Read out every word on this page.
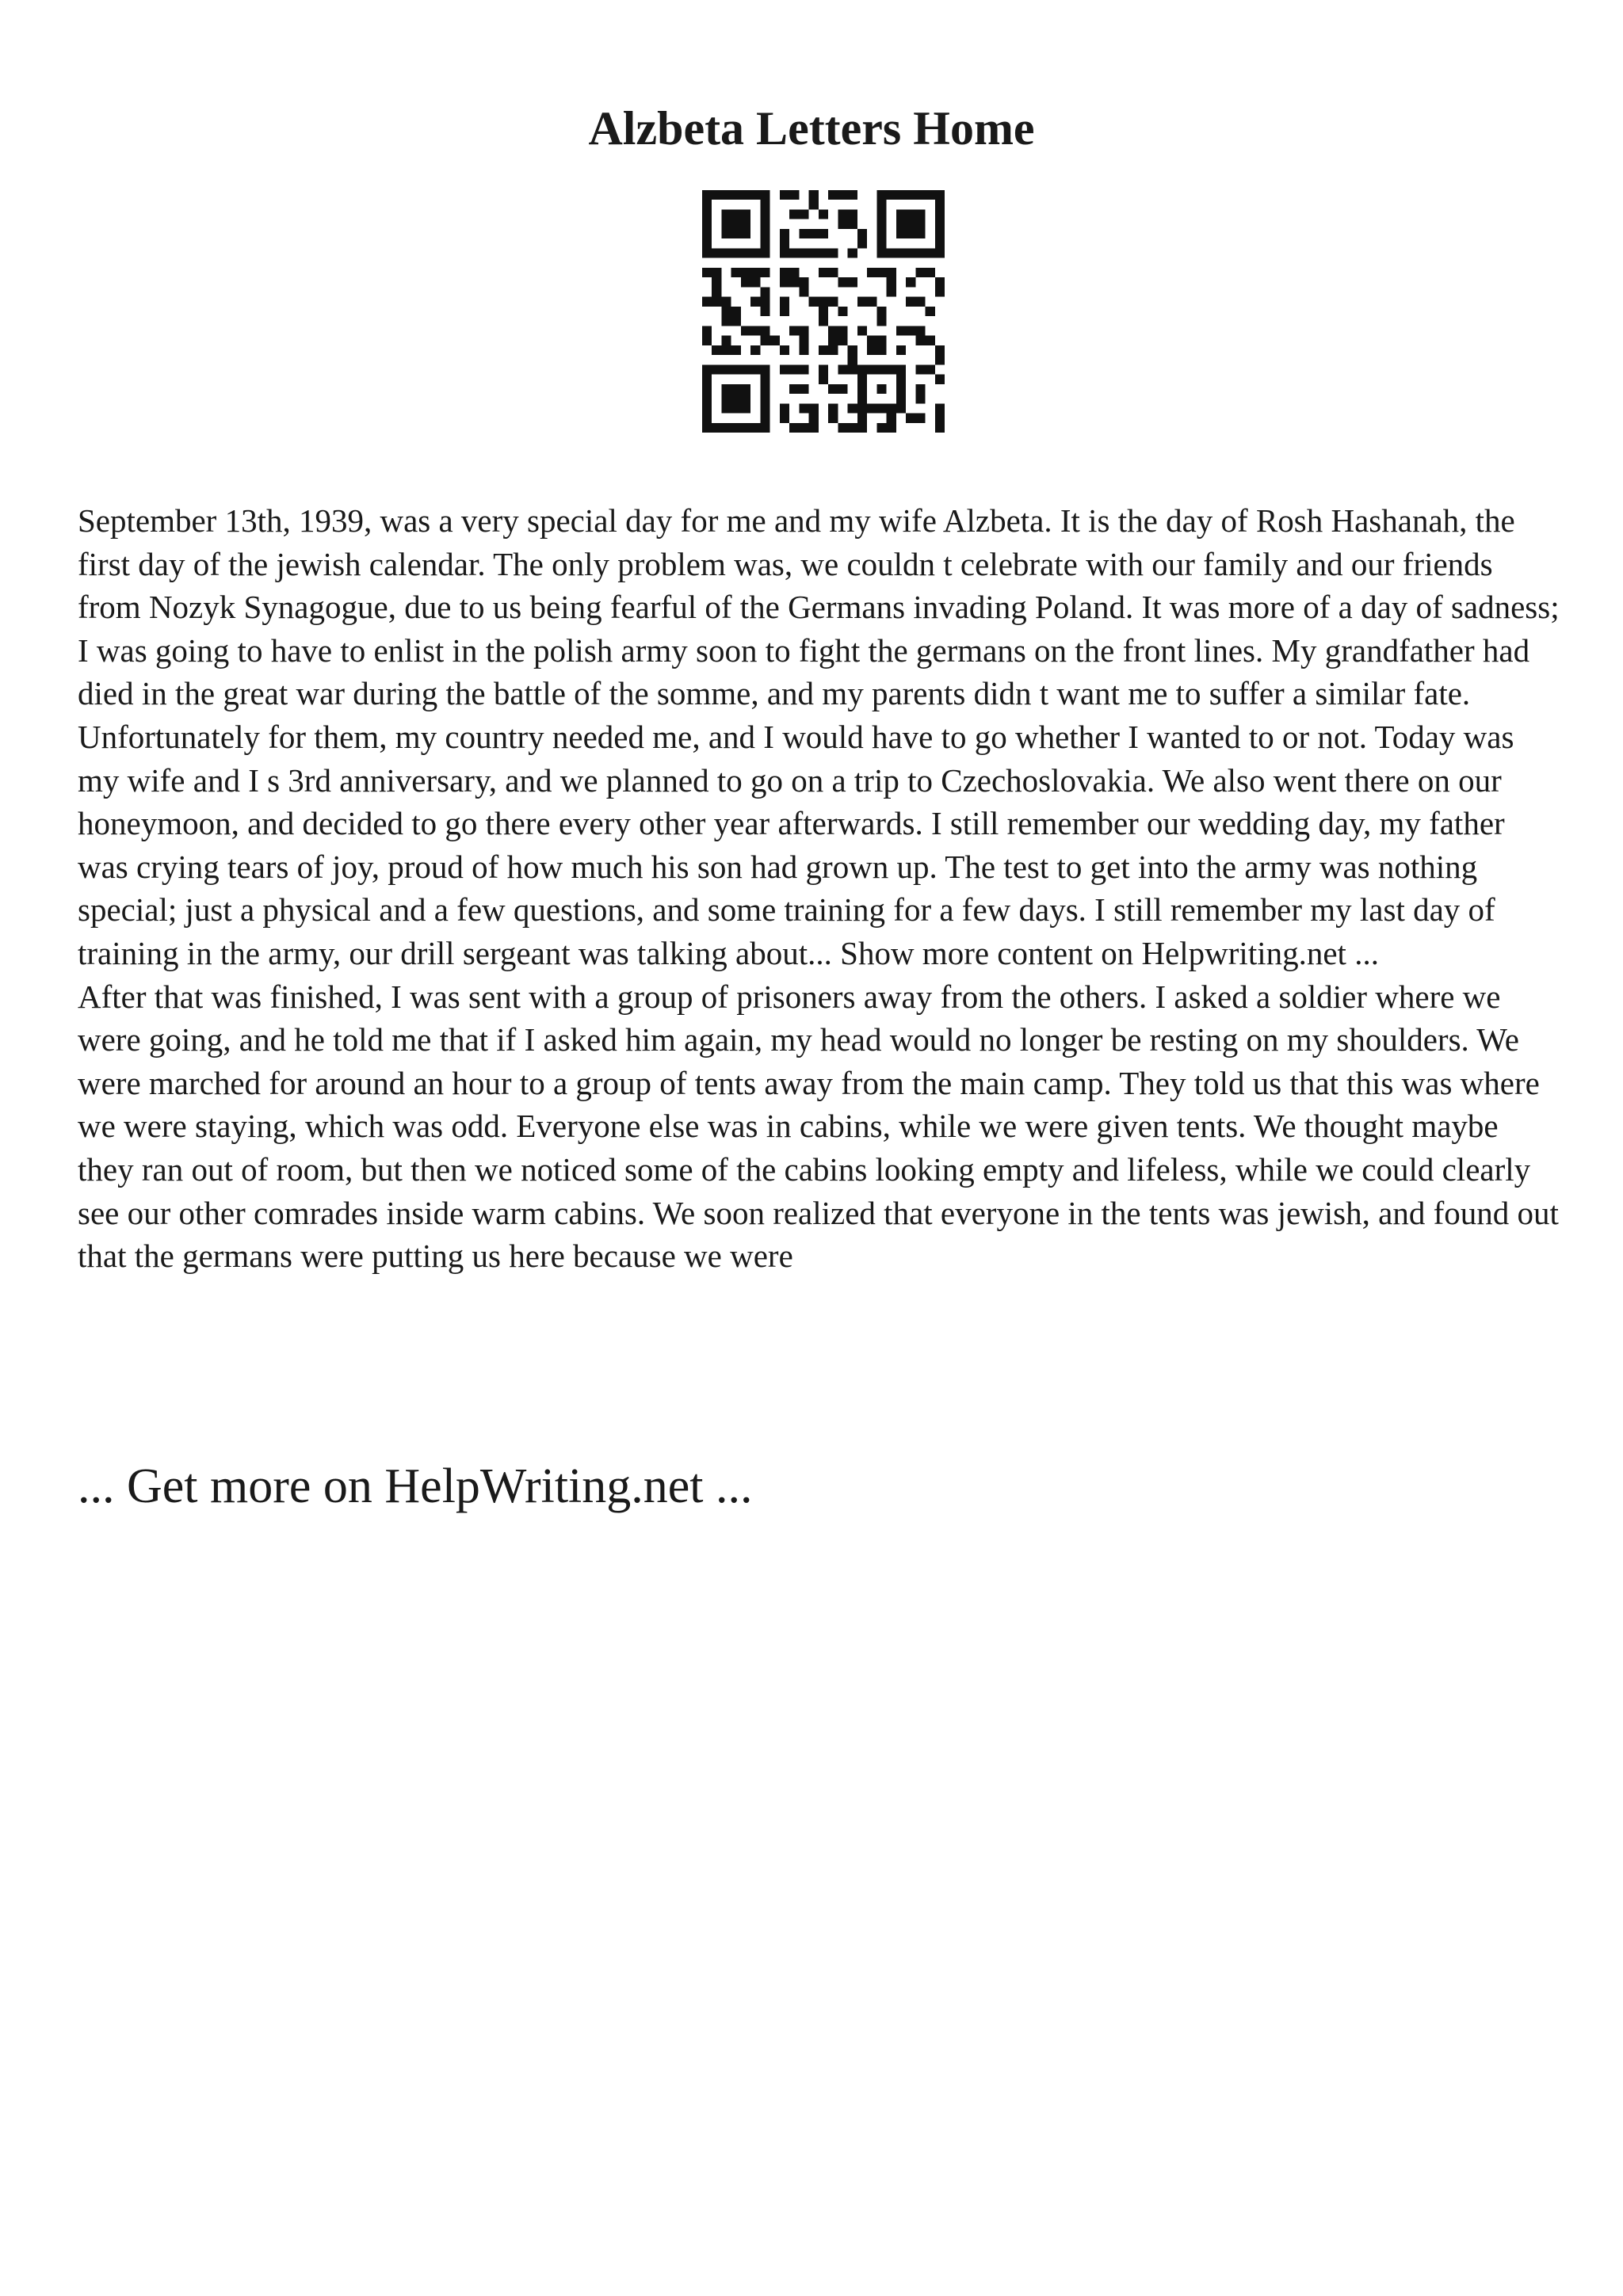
Alzbeta Letters Home

September 13th, 1939, was a very special day for me and my wife Alzbeta. It is the day of Rosh Hashanah, the first day of the jewish calendar. The only problem was, we couldn t celebrate with our family and our friends from Nozyk Synagogue, due to us being fearful of the Germans invading Poland. It was more of a day of sadness; I was going to have to enlist in the polish army soon to fight the germans on the front lines. My grandfather had died in the great war during the battle of the somme, and my parents didn t want me to suffer a similar fate. Unfortunately for them, my country needed me, and I would have to go whether I wanted to or not. Today was my wife and I s 3rd anniversary, and we planned to go on a trip to Czechoslovakia. We also went there on our honeymoon, and decided to go there every other year afterwards. I still remember our wedding day, my father was crying tears of joy, proud of how much his son had grown up. The test to get into the army was nothing special; just a physical and a few questions, and some training for a few days. I still remember my last day of training in the army, our drill sergeant was talking about... Show more content on Helpwriting.net ...

After that was finished, I was sent with a group of prisoners away from the others. I asked a soldier where we were going, and he told me that if I asked him again, my head would no longer be resting on my shoulders. We were marched for around an hour to a group of tents away from the main camp. They told us that this was where we were staying, which was odd. Everyone else was in cabins, while we were given tents. We thought maybe they ran out of room, but then we noticed some of the cabins looking empty and lifeless, while we could clearly see our other comrades inside warm cabins. We soon realized that everyone in the tents was jewish, and found out that the germans were putting us here because we were

... Get more on HelpWriting.net ...
